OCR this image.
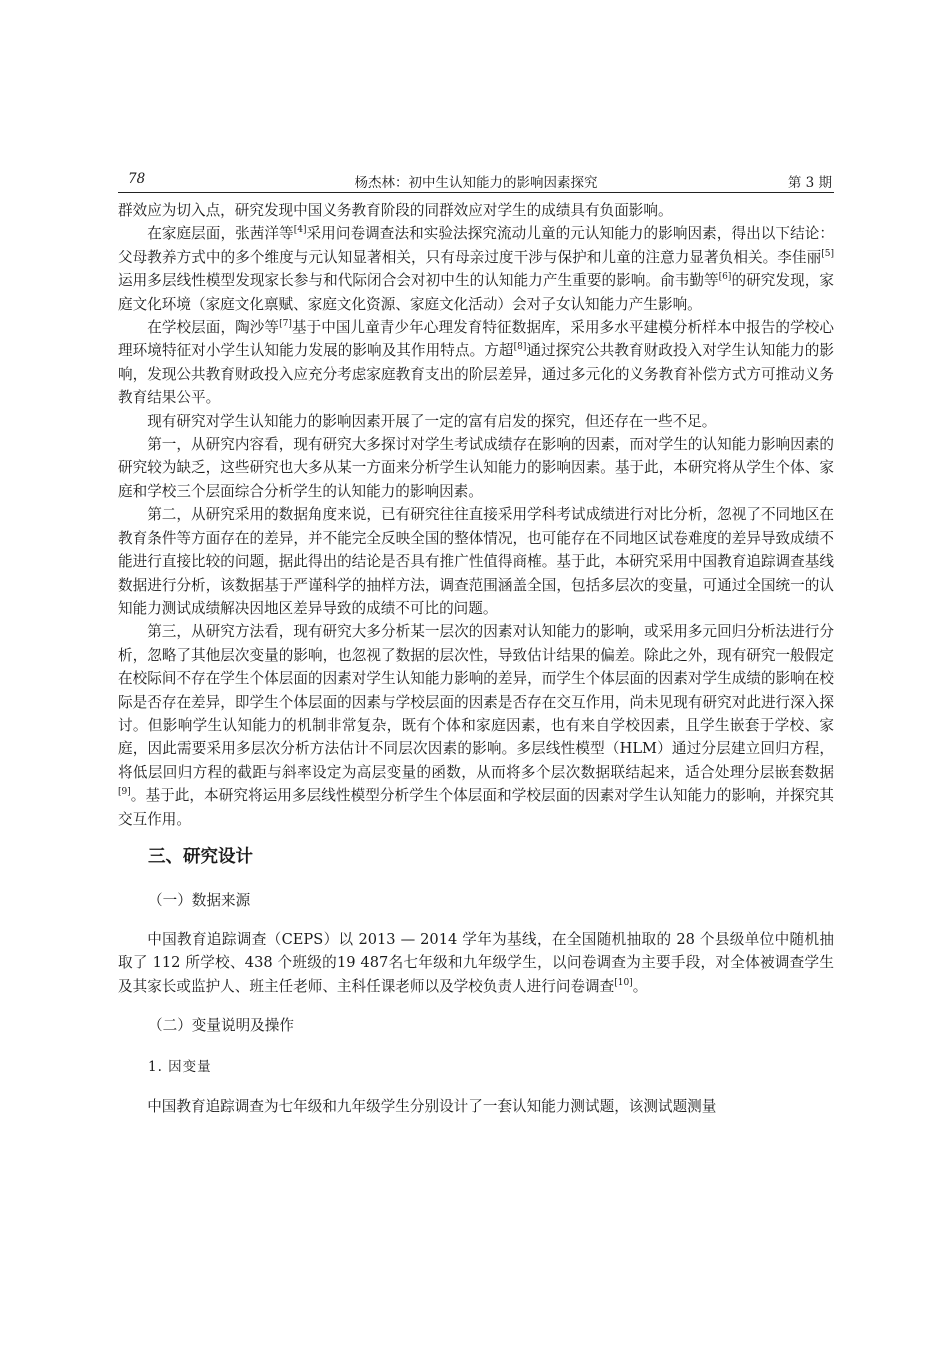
78	杨杰林：初中生认知能力的影响因素探究	第 3 期

群效应为切入点，研究发现中国义务教育阶段的同群效应对学生的成绩具有负面影响。

在家庭层面，张茜洋等[4]采用问卷调查法和实验法探究流动儿童的元认知能力的影响因素，得出以下结论：父母教养方式中的多个维度与元认知显著相关，只有母亲过度干涉与保护和儿童的注意力显著负相关。李佳丽[5]运用多层线性模型发现家长参与和代际闭合会对初中生的认知能力产生重要的影响。俞韦勤等[6]的研究发现，家庭文化环境（家庭文化禀赋、家庭文化资源、家庭文化活动）会对子女认知能力产生影响。

在学校层面，陶沙等[7]基于中国儿童青少年心理发育特征数据库，采用多水平建模分析样本中报告的学校心理环境特征对小学生认知能力发展的影响及其作用特点。方超[8]通过探究公共教育财政投入对学生认知能力的影响，发现公共教育财政投入应充分考虑家庭教育支出的阶层差异，通过多元化的义务教育补偿方式方可推动义务教育结果公平。

现有研究对学生认知能力的影响因素开展了一定的富有启发的探究，但还存在一些不足。

第一，从研究内容看，现有研究大多探讨对学生考试成绩存在影响的因素，而对学生的认知能力影响因素的研究较为缺乏，这些研究也大多从某一方面来分析学生认知能力的影响因素。基于此，本研究将从学生个体、家庭和学校三个层面综合分析学生的认知能力的影响因素。

第二，从研究采用的数据角度来说，已有研究往往直接采用学科考试成绩进行对比分析，忽视了不同地区在教育条件等方面存在的差异，并不能完全反映全国的整体情况，也可能存在不同地区试卷难度的差异导致成绩不能进行直接比较的问题，据此得出的结论是否具有推广性值得商榷。基于此，本研究采用中国教育追踪调查基线数据进行分析，该数据基于严谨科学的抽样方法，调查范围涵盖全国，包括多层次的变量，可通过全国统一的认知能力测试成绩解决因地区差异导致的成绩不可比的问题。

第三，从研究方法看，现有研究大多分析某一层次的因素对认知能力的影响，或采用多元回归分析法进行分析，忽略了其他层次变量的影响，也忽视了数据的层次性，导致估计结果的偏差。除此之外，现有研究一般假定在校际间不存在学生个体层面的因素对学生认知能力影响的差异，而学生个体层面的因素对学生成绩的影响在校际是否存在差异，即学生个体层面的因素与学校层面的因素是否存在交互作用，尚未见现有研究对此进行深入探讨。但影响学生认知能力的机制非常复杂，既有个体和家庭因素，也有来自学校因素，且学生嵌套于学校、家庭，因此需要采用多层次分析方法估计不同层次因素的影响。多层线性模型（HLM）通过分层建立回归方程，将低层回归方程的截距与斜率设定为高层变量的函数，从而将多个层次数据联结起来，适合处理分层嵌套数据[9]。基于此，本研究将运用多层线性模型分析学生个体层面和学校层面的因素对学生认知能力的影响，并探究其交互作用。

三、研究设计
（一）数据来源

中国教育追踪调查（CEPS）以 2013 — 2014 学年为基线，在全国随机抽取的 28 个县级单位中随机抽取了 112 所学校、438 个班级的19 487名七年级和九年级学生，以问卷调查为主要手段，对全体被调查学生及其家长或监护人、班主任老师、主科任课老师以及学校负责人进行问卷调查[10]。

（二）变量说明及操作
1. 因变量

中国教育追踪调查为七年级和九年级学生分别设计了一套认知能力测试题，该测试题测量
